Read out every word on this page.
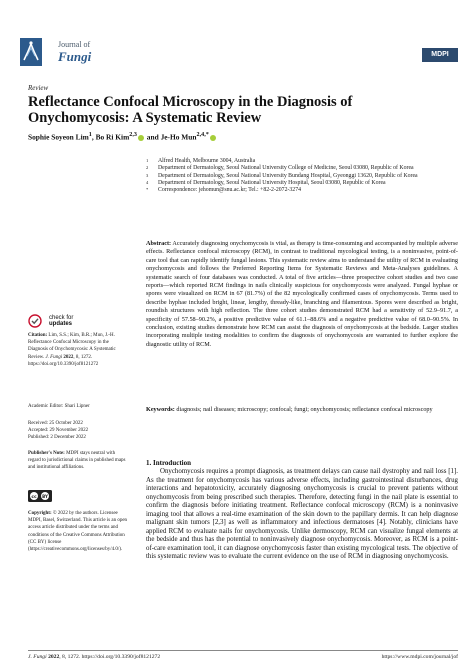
Journal of
Fungi	MDPI
Review
Reflectance Confocal Microscopy in the Diagnosis of Onychomycosis: A Systematic Review
Sophie Soyeon Lim$^1$, Bo Ri Kim$^{2,3}$ and Je-Ho Mun$^{2,4,*}$
1 Alfred Health, Melbourne 3004, Australia
2 Department of Dermatology, Seoul National University College of Medicine, Seoul 03080, Republic of Korea
3 Department of Dermatology, Seoul National University Bundang Hospital, Gyeonggi 13620, Republic of Korea
4 Department of Dermatology, Seoul National University Hospital, Seoul 03080, Republic of Korea
* Correspondence: jehomun@snu.ac.kr; Tel.: +82-2-2072-3274
Abstract: Accurately diagnosing onychomycosis is vital, as therapy is time-consuming and accompanied by multiple adverse effects. Reflectance confocal microscopy (RCM), in contrast to traditional mycological testing, is a noninvasive, point-of-care tool that can rapidly identify fungal lesions. This systematic review aims to understand the utility of RCM in evaluating onychomycosis and follows the Preferred Reporting Items for Systematic Reviews and Meta-Analyses guidelines. A systematic search of four databases was conducted. A total of five articles—three prospective cohort studies and two case reports—which reported RCM findings in nails clinically suspicious for onychomycosis were analyzed. Fungal hyphae or spores were visualized on RCM in 67 (81.7%) of the 82 mycologically confirmed cases of onychomycosis. Terms used to describe hyphae included bright, linear, lengthy, thready-like, branching and filamentous. Spores were described as bright, roundish structures with high reflection. The three cohort studies demonstrated RCM had a sensitivity of 52.9–91.7, a specificity of 57.58–90.2%, a positive predictive value of 61.1–88.6% and a negative predictive value of 68.0–90.5%. In conclusion, existing studies demonstrate how RCM can assist the diagnosis of onychomycosis at the bedside. Larger studies incorporating multiple testing modalities to confirm the diagnosis of onychomycosis are warranted to further explore the diagnostic utility of RCM.
Keywords: diagnosis; nail diseases; microscopy; confocal; fungi; onychomycosis; reflectance confocal microscopy
check for
updates
Citation: Lim, S.S.; Kim, B.R.; Mun, J.-H. Reflectance Confocal Microscopy in the Diagnosis of Onychomycosis: A Systematic Review. J. Fungi 2022, 8, 1272. https://doi.org/10.3390/jof8121272
Academic Editor: Shari Lipner
Received: 25 October 2022
Accepted: 29 November 2022
Published: 2 December 2022
Publisher's Note: MDPI stays neutral with regard to jurisdictional claims in published maps and institutional affiliations.
cc BY
Copyright: © 2022 by the authors. Licensee MDPI, Basel, Switzerland. This article is an open access article distributed under the terms and conditions of the Creative Commons Attribution (CC BY) license (https://creativecommons.org/licenses/by/4.0/).
1. Introduction
Onychomycosis requires a prompt diagnosis, as treatment delays can cause nail dystrophy and nail loss [1]. As the treatment for onychomycosis has various adverse effects, including gastrointestinal disturbances, drug interactions and hepatotoxicity, accurately diagnosing onychomycosis is crucial to prevent patients without onychomycosis from being prescribed such therapies. Therefore, detecting fungi in the nail plate is essential to confirm the diagnosis before initiating treatment. Reflectance confocal microscopy (RCM) is a noninvasive imaging tool that allows a real-time examination of the skin down to the papillary dermis. It can help diagnose malignant skin tumors [2,3] as well as inflammatory and infectious dermatoses [4]. Notably, clinicians have applied RCM to evaluate nails for onychomycosis. Unlike dermoscopy, RCM can visualize fungal elements at the bedside and thus has the potential to noninvasively diagnose onychomycosis. Moreover, as RCM is a point-of-care examination tool, it can diagnose onychomycosis faster than existing mycological tests. The objective of this systematic review was to evaluate the current evidence on the use of RCM in diagnosing onychomycosis.
J. Fungi 2022, 8, 1272. https://doi.org/10.3390/jof8121272	https://www.mdpi.com/journal/jof
